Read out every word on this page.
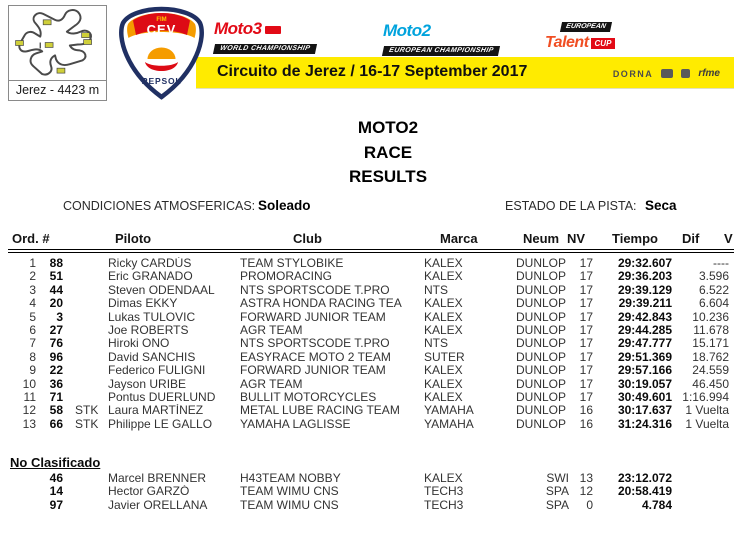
Jerez - 4423 m
Circuito de Jerez / 16-17 September 2017	DORNA	rfme
FIM
CEV
REPSOL
Moto3
WORLD CHAMPIONSHIP
Moto2
EUROPEAN CHAMPIONSHIP
EUROPEAN
Talent CUP
MOTO2
RACE
RESULTS
CONDICIONES ATMOSFERICAS: Soleado	ESTADO DE LA PISTA: Seca
Ord. #	Piloto	Club	Marca	Neum NV Tiempo Dif V
1	88	Ricky CARDÚS	TEAM STYLOBIKE	KALEX	DUNLOP	17	29:32.607	----
2	51	Eric GRANADO	PROMORACING	KALEX	DUNLOP	17	29:36.203	3.596
3	44	Steven ODENDAAL	NTS SPORTSCODE T.PRO	NTS	DUNLOP	17	29:39.129	6.522
4	20	Dimas EKKY	ASTRA HONDA RACING TEA	KALEX	DUNLOP	17	29:39.211	6.604
5	3	Lukas TULOVIC	FORWARD JUNIOR TEAM	KALEX	DUNLOP	17	29:42.843	10.236
6	27	Joe ROBERTS	AGR TEAM	KALEX	DUNLOP	17	29:44.285	11.678
7	76	Hiroki ONO	NTS SPORTSCODE T.PRO	NTS	DUNLOP	17	29:47.777	15.171
8	96	David SANCHIS	EASYRACE MOTO 2 TEAM	SUTER	DUNLOP	17	29:51.369	18.762
9	22	Federico FULIGNI	FORWARD JUNIOR TEAM	KALEX	DUNLOP	17	29:57.166	24.559
10	36	Jayson URIBE	AGR TEAM	KALEX	DUNLOP	17	30:19.057	46.450
11	71	Pontus DUERLUND	BULLIT MOTORCYCLES	KALEX	DUNLOP	17	30:49.601 1:16.994
12	58	STK Laura MARTÍNEZ	METAL LUBE RACING TEAM	YAMAHA	DUNLOP	16	30:17.637	1 Vuelta
13	66	STK Philippe LE GALLO	YAMAHA LAGLISSE	YAMAHA	DUNLOP	16	31:24.316	1 Vuelta
No Clasificado
46	Marcel BRENNER	H43TEAM NOBBY	KALEX	SWI 13	23:12.072
14	Hector GARZÓ	TEAM WIMU CNS	TECH3	SPA 12	20:58.419
97	Javier ORELLANA	TEAM WIMU CNS	TECH3	SPA	0	4.784
